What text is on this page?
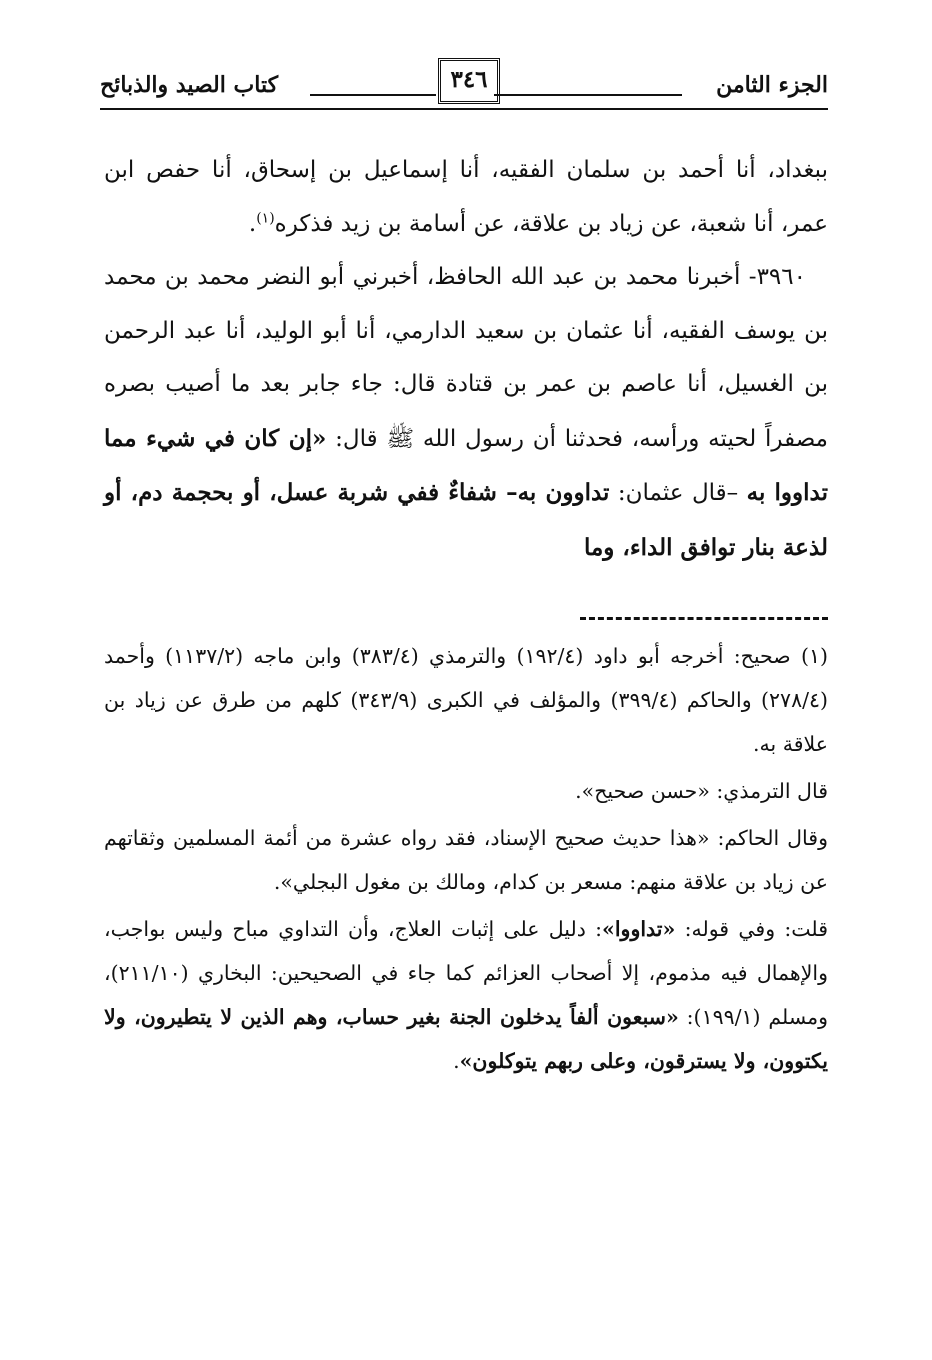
الجزء الثامن
٣٤٦
كتاب الصيد والذبائح

ببغداد، أنا أحمد بن سلمان الفقيه، أنا إسماعيل بن إسحاق، أنا حفص ابن عمر، أنا شعبة، عن زياد بن علاقة، عن أسامة بن زيد فذكره$^{(١)}$.

٣٩٦٠- أخبرنا محمد بن عبد الله الحافظ، أخبرني أبو النضر محمد بن محمد بن يوسف الفقيه، أنا عثمان بن سعيد الدارمي، أنا أبو الوليد، أنا عبد الرحمن بن الغسيل، أنا عاصم بن عمر بن قتادة قال: جاء جابر بعد ما أصيب بصره مصفراً لحيته ورأسه، فحدثنا أن رسول الله ﷺ قال: «إن كان في شيء مما تداووا به –قال عثمان: تداوون به– شفاءٌ ففي شربة عسل، أو بحجمة دم، أو لذعة بنار توافق الداء، وما

(١) صحيح: أخرجه أبو داود (١٩٢/٤) والترمذي (٣٨٣/٤) وابن ماجه (١١٣٧/٢) وأحمد (٢٧٨/٤) والحاكم (٣٩٩/٤) والمؤلف في الكبرى (٣٤٣/٩) كلهم من طرق عن زياد بن علاقة به.

قال الترمذي: «حسن صحيح».

وقال الحاكم: «هذا حديث صحيح الإسناد، فقد رواه عشرة من أئمة المسلمين وثقاتهم عن زياد بن علاقة منهم: مسعر بن كدام، ومالك بن مغول البجلي».

قلت: وفي قوله: «تداووا»: دليل على إثبات العلاج، وأن التداوي مباح وليس بواجب، والإهمال فيه مذموم، إلا أصحاب العزائم كما جاء في الصحيحين: البخاري (٢١١/١٠)، ومسلم (١٩٩/١): «سبعون ألفاً يدخلون الجنة بغير حساب، وهم الذين لا يتطيرون، ولا يكتوون، ولا يسترقون، وعلى ربهم يتوكلون».
